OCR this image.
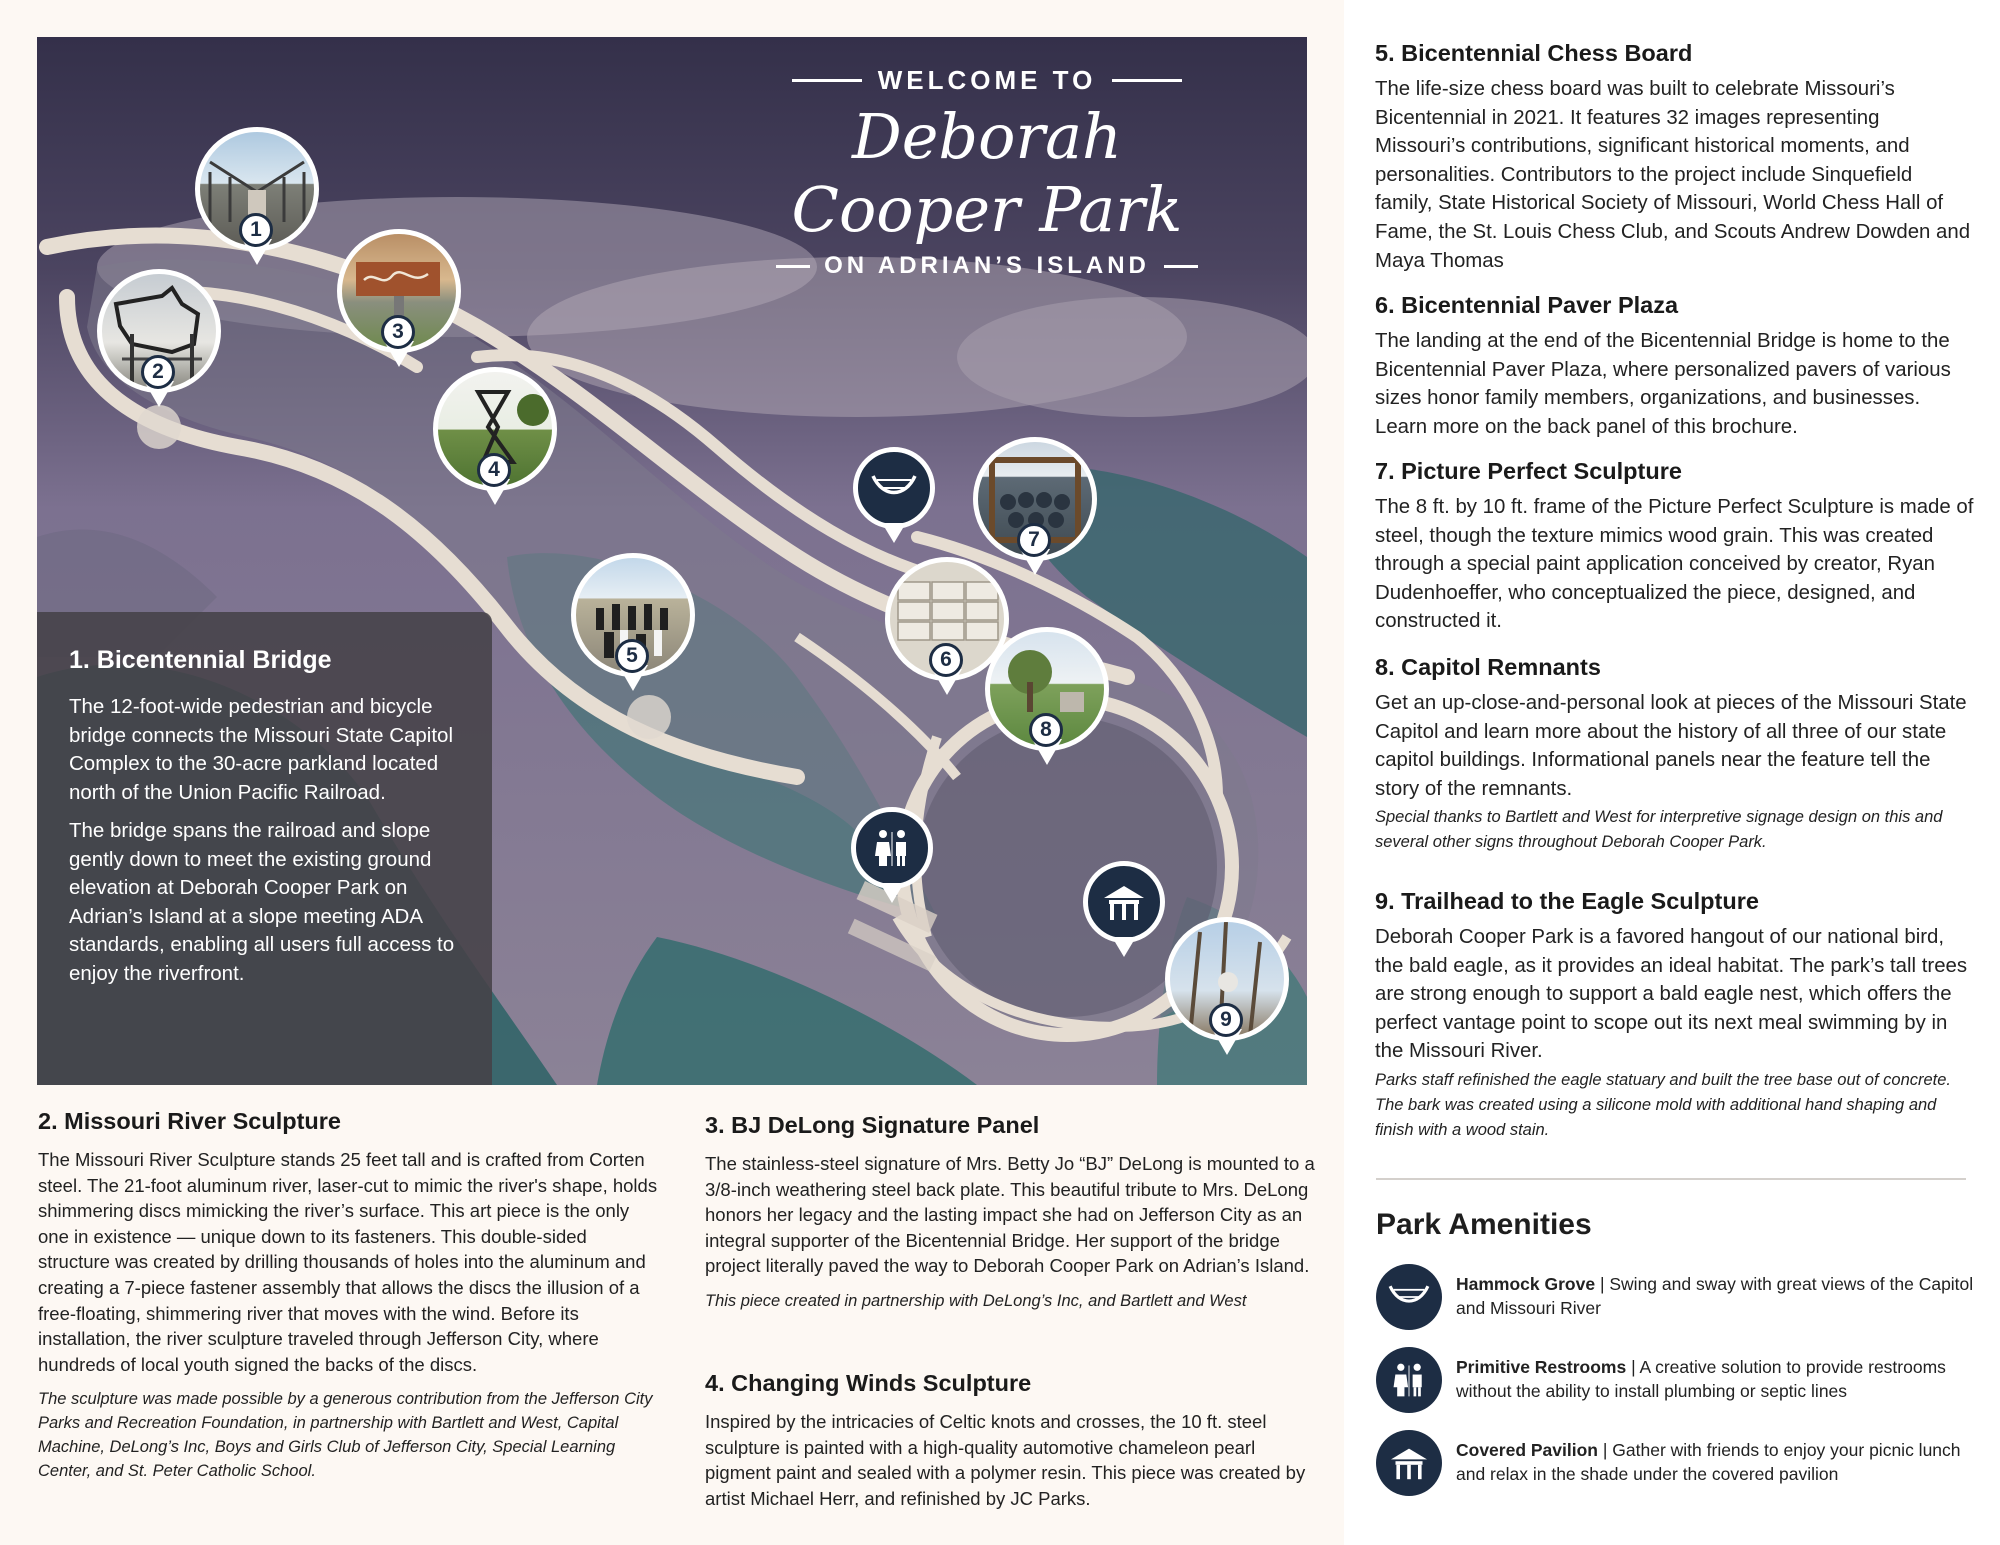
WELCOME TO
Deborah Cooper Park
ON ADRIAN’S ISLAND
1
2
3
4
5	6
7
8
9
1. Bicentennial Bridge

The 12-foot-wide pedestrian and bicycle bridge connects the Missouri State Capitol Complex to the 30-acre parkland located north of the Union Pacific Railroad.

The bridge spans the railroad and slope gently down to meet the existing ground elevation at Deborah Cooper Park on Adrian’s Island at a slope meeting ADA standards, enabling all users full access to enjoy the riverfront.

2. Missouri River Sculpture

The Missouri River Sculpture stands 25 feet tall and is crafted from Corten steel. The 21-foot aluminum river, laser-cut to mimic the river's shape, holds shimmering discs mimicking the river’s surface. This art piece is the only one in existence — unique down to its fasteners. This double-sided structure was created by drilling thousands of holes into the aluminum and creating a 7-piece fastener assembly that allows the discs the illusion of a free-floating, shimmering river that moves with the wind. Before its installation, the river sculpture traveled through Jefferson City, where hundreds of local youth signed the backs of the discs.

The sculpture was made possible by a generous contribution from the Jefferson City Parks and Recreation Foundation, in partnership with Bartlett and West, Capital Machine, DeLong’s Inc, Boys and Girls Club of Jefferson City, Special Learning Center, and St. Peter Catholic School.

3. BJ DeLong Signature Panel

The stainless-steel signature of Mrs. Betty Jo “BJ” DeLong is mounted to a 3/8-inch weathering steel back plate. This beautiful tribute to Mrs. DeLong honors her legacy and the lasting impact she had on Jefferson City as an integral supporter of the Bicentennial Bridge. Her support of the bridge project literally paved the way to Deborah Cooper Park on Adrian’s Island.

This piece created in partnership with DeLong’s Inc, and Bartlett and West

4. Changing Winds Sculpture

Inspired by the intricacies of Celtic knots and crosses, the 10 ft. steel sculpture is painted with a high-quality automotive chameleon pearl pigment paint and sealed with a polymer resin. This piece was created by artist Michael Herr, and refinished by JC Parks.

5. Bicentennial Chess Board

The life-size chess board was built to celebrate Missouri’s Bicentennial in 2021. It features 32 images representing Missouri’s contributions, significant historical moments, and personalities. Contributors to the project include Sinquefield family, State Historical Society of Missouri, World Chess Hall of Fame, the St. Louis Chess Club, and Scouts Andrew Dowden and Maya Thomas

6. Bicentennial Paver Plaza

The landing at the end of the Bicentennial Bridge is home to the Bicentennial Paver Plaza, where personalized pavers of various sizes honor family members, organizations, and businesses. Learn more on the back panel of this brochure.

7. Picture Perfect Sculpture

The 8 ft. by 10 ft. frame of the Picture Perfect Sculpture is made of steel, though the texture mimics wood grain. This was created through a special paint application conceived by creator, Ryan Dudenhoeffer, who conceptualized the piece, designed, and constructed it.

8. Capitol Remnants

Get an up-close-and-personal look at pieces of the Missouri State Capitol and learn more about the history of all three of our state capitol buildings. Informational panels near the feature tell the story of the remnants.

Special thanks to Bartlett and West for interpretive signage design on this and several other signs throughout Deborah Cooper Park.

9. Trailhead to the Eagle Sculpture

Deborah Cooper Park is a favored hangout of our national bird, the bald eagle, as it provides an ideal habitat. The park’s tall trees are strong enough to support a bald eagle nest, which offers the perfect vantage point to scope out its next meal swimming by in the Missouri River.

Parks staff refinished the eagle statuary and built the tree base out of concrete. The bark was created using a silicone mold with additional hand shaping and finish with a wood stain.

Park Amenities
Hammock Grove | Swing and sway with great views of the Capitol and Missouri River
Primitive Restrooms | A creative solution to provide restrooms without the ability to install plumbing or septic lines
Covered Pavilion | Gather with friends to enjoy your picnic lunch and relax in the shade under the covered pavilion
